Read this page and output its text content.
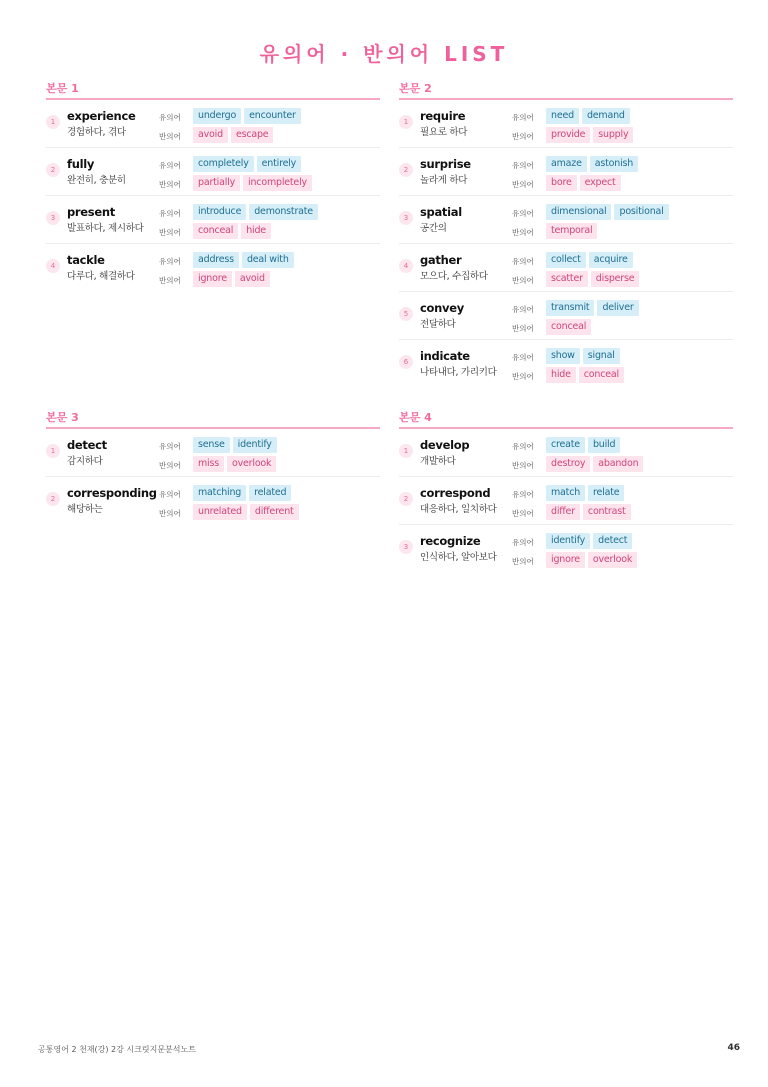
유의어 · 반의어 LIST
본문 1
1	experience
경험하다, 겪다
유의어
반의어
undergo	encounter
avoid	escape
2	fully
완전히, 충분히
유의어
반의어
completely	entirely
partially	incompletely
3	present
발표하다, 제시하다
유의어
반의어
introduce	demonstrate
conceal	hide
4	tackle
다루다, 해결하다
유의어
반의어
address	deal with
ignore	avoid
본문 2
1	require
필요로 하다
유의어
반의어
need	demand
provide	supply
2	surprise
놀라게 하다
유의어
반의어
amaze	astonish
bore	expect
3	spatial
공간의
유의어
반의어
dimensional	positional
temporal
4	gather
모으다, 수집하다
유의어
반의어
collect	acquire
scatter	disperse
5	convey
전달하다
유의어
반의어
transmit	deliver
conceal
6	indicate
나타내다, 가리키다
유의어
반의어
show	signal
hide	conceal
본문 3
1	detect
감지하다
유의어
반의어
sense	identify
miss	overlook
2	corresponding
해당하는
유의어
반의어
matching	related
unrelated	different
본문 4
1	develop
개발하다
유의어
반의어
create	build
destroy	abandon
2	correspond
대응하다, 일치하다
유의어
반의어
match	relate
differ	contrast
3	recognize
인식하다, 알아보다
유의어
반의어
identify	detect
ignore	overlook
공통영어 2 천재(강) 2강 시크릿지문분석노트	46
